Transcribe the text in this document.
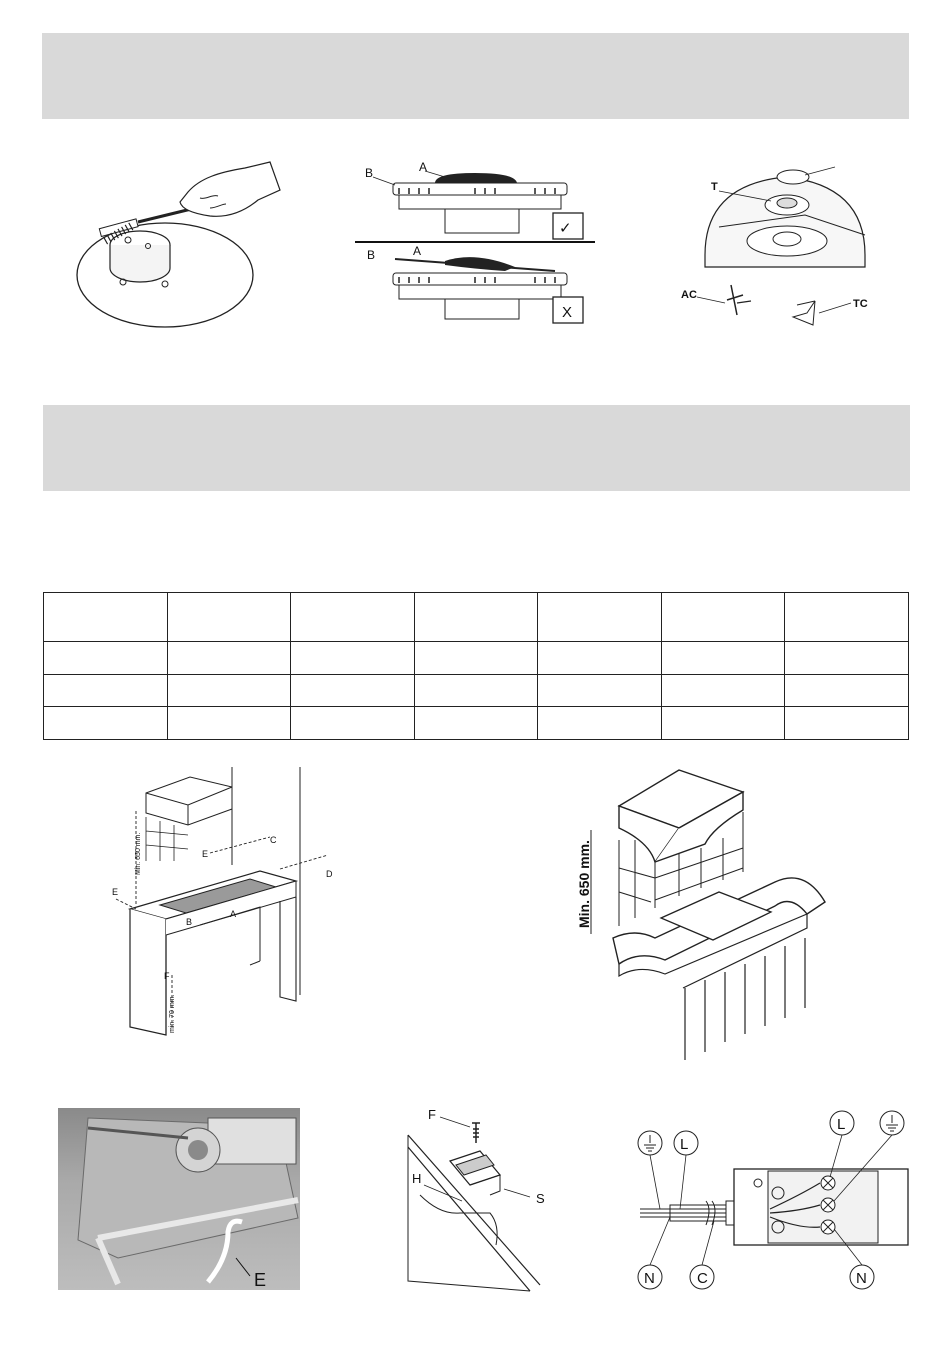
A
B
✓
A
B
X
T
AC
TC

B
A
C
D
E
E
F
Min. 650 mm.
min. 70 mm.
Min. 650 mm.
E
F
H
S
L
N	C
L
N
